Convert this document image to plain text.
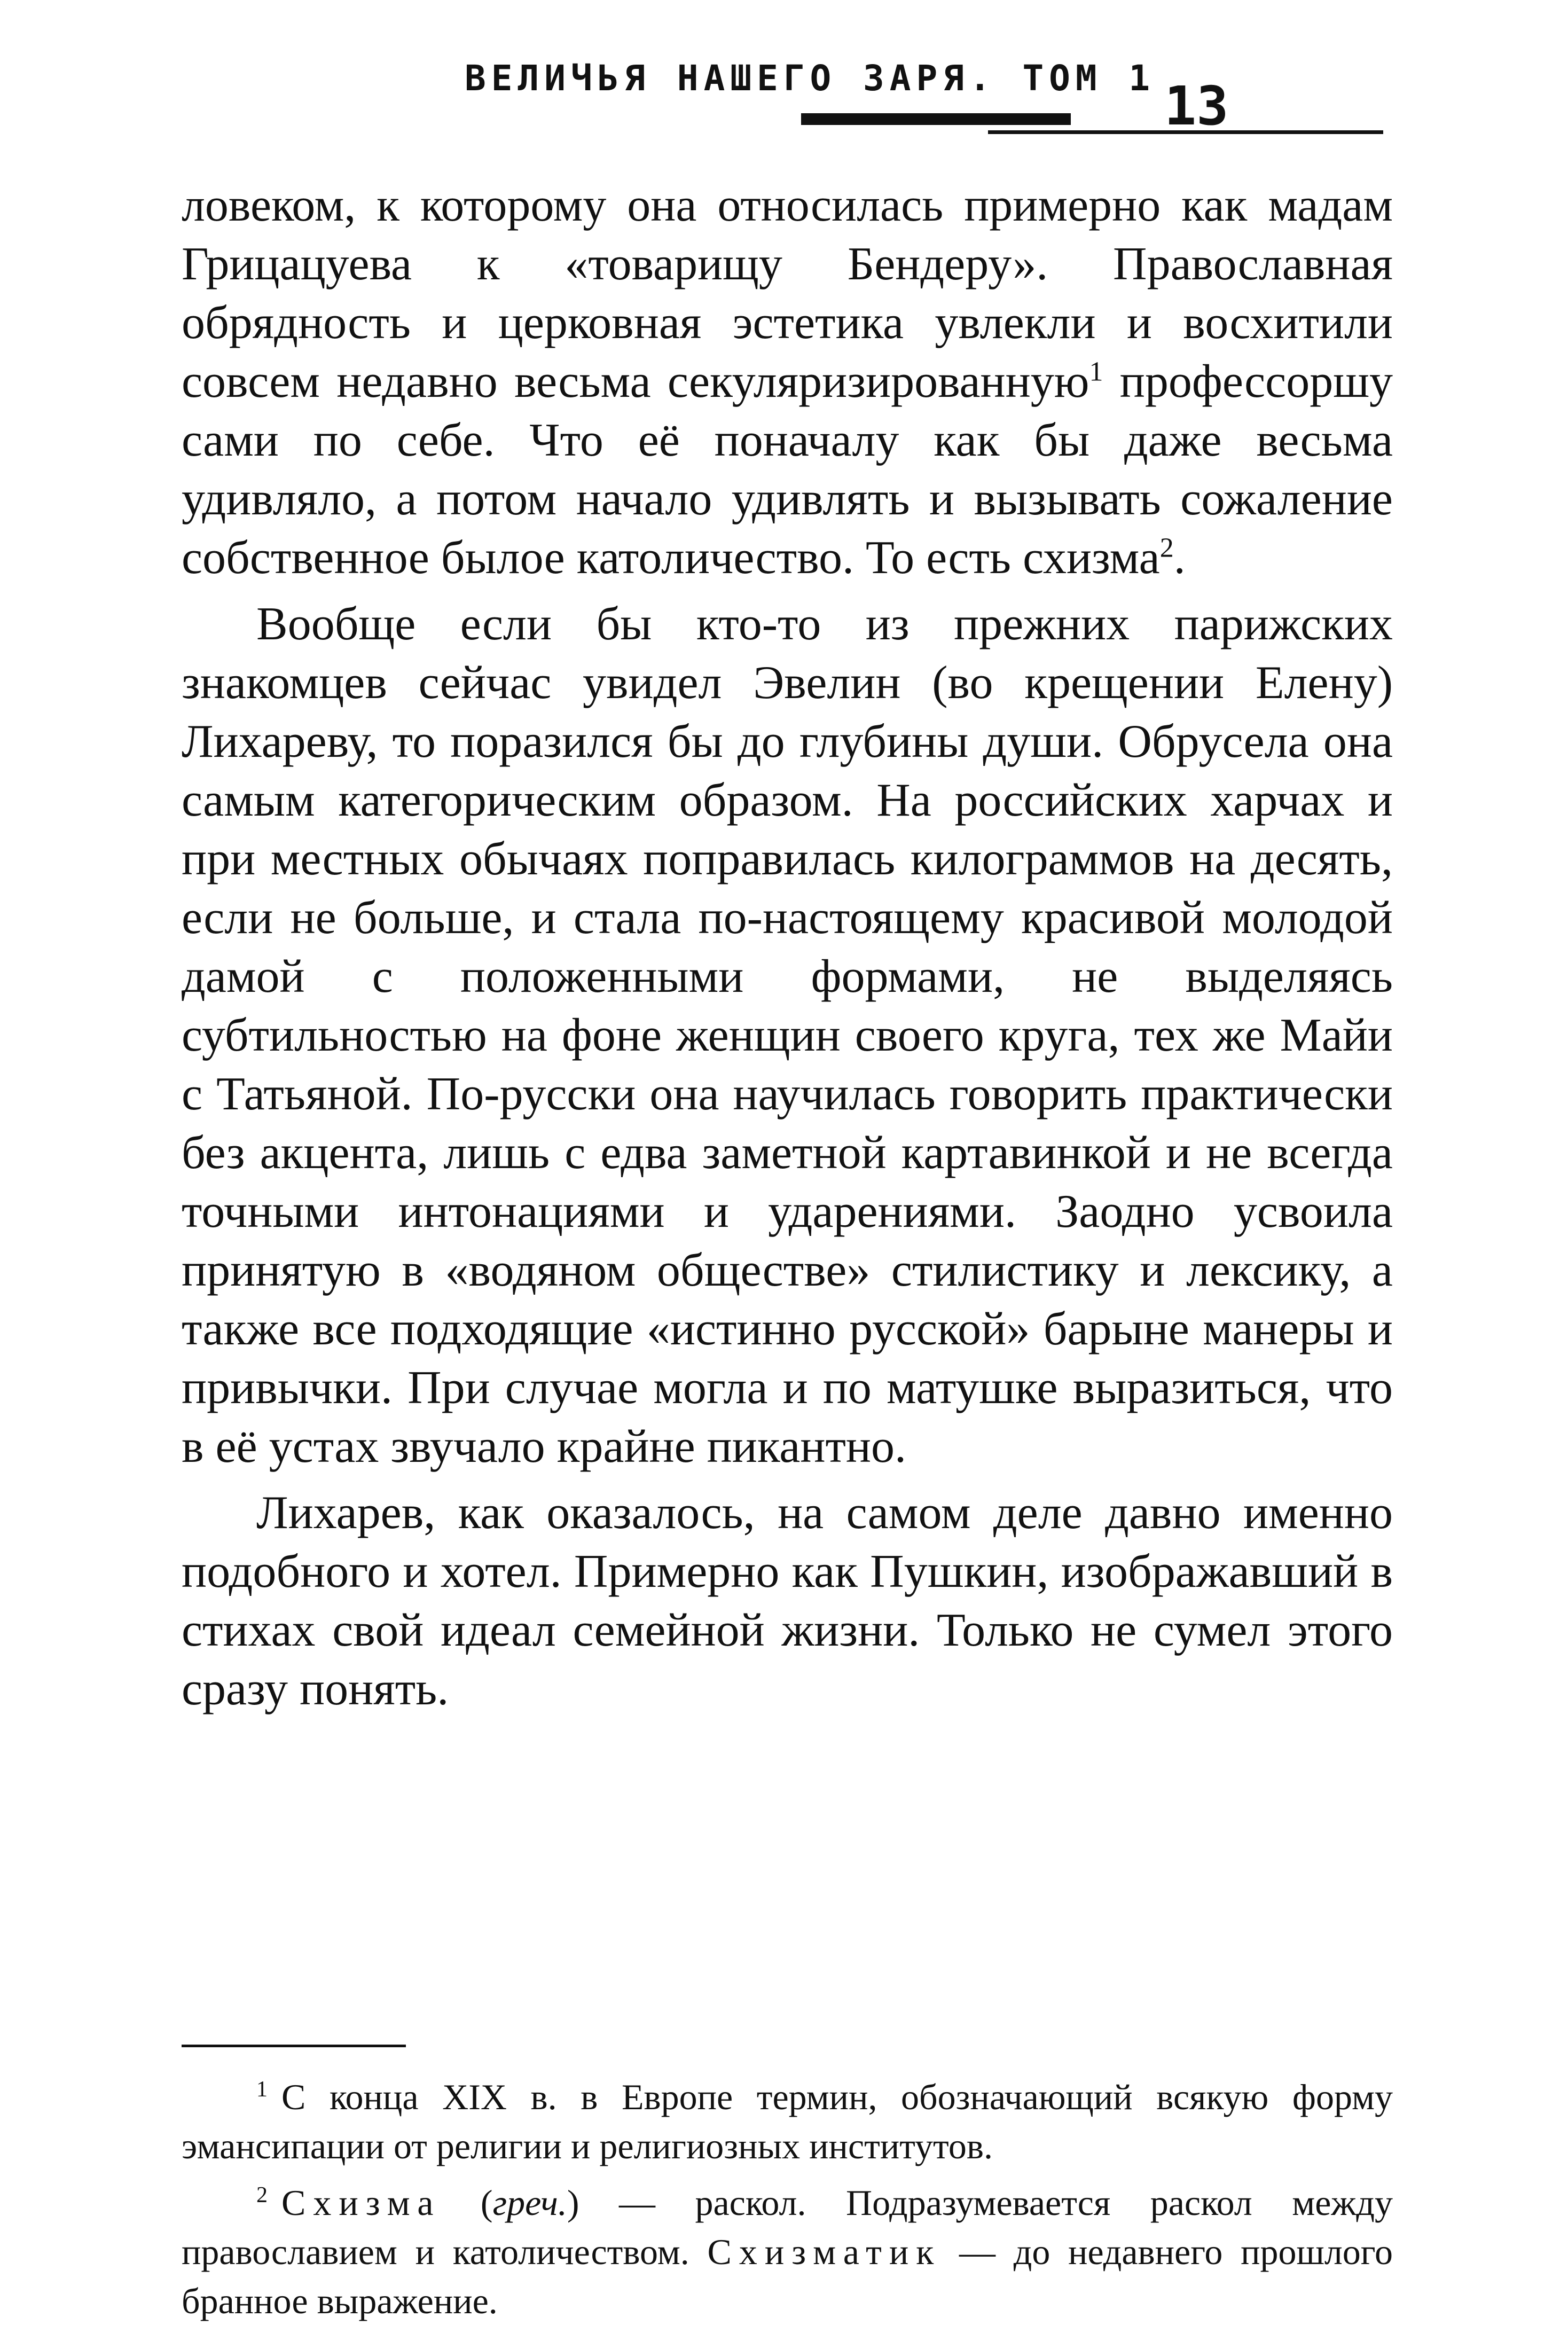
ВЕЛИЧЬЯ НАШЕГО ЗАРЯ. ТОМ 1 13

ловеком, к которому она относилась примерно как мадам Грицацуева к «товарищу Бендеру». Православная обрядность и церковная эстетика увлекли и восхитили совсем недавно весьма секуляризированную$^1$ профессоршу сами по себе. Что её поначалу как бы даже весьма удивляло, а потом начало удивлять и вызывать сожаление собственное былое католичество. То есть схизма$^2$.

Вообще если бы кто-то из прежних парижских знакомцев сейчас увидел Эвелин (во крещении Елену) Лихареву, то поразился бы до глубины души. Обрусела она самым категорическим образом. На российских харчах и при местных обычаях поправилась килограммов на десять, если не больше, и стала по-настоящему красивой молодой дамой с положенными формами, не выделяясь субтильностью на фоне женщин своего круга, тех же Майи с Татьяной. По-русски она научилась говорить практически без акцента, лишь с едва заметной картавинкой и не всегда точными интонациями и ударениями. Заодно усвоила принятую в «водяном обществе» стилистику и лексику, а также все подходящие «истинно русской» барыне манеры и привычки. При случае могла и по матушке выразиться, что в её устах звучало крайне пикантно.

Лихарев, как оказалось, на самом деле давно именно подобного и хотел. Примерно как Пушкин, изображавший в стихах свой идеал семейной жизни. Только не сумел этого сразу понять.

$^1$ С конца XIX в. в Европе термин, обозначающий всякую форму эмансипации от религии и религиозных институтов.

$^2$ Схизма (греч.) — раскол. Подразумевается раскол между православием и католичеством. Схизматик — до недавнего прошлого бранное выражение.
